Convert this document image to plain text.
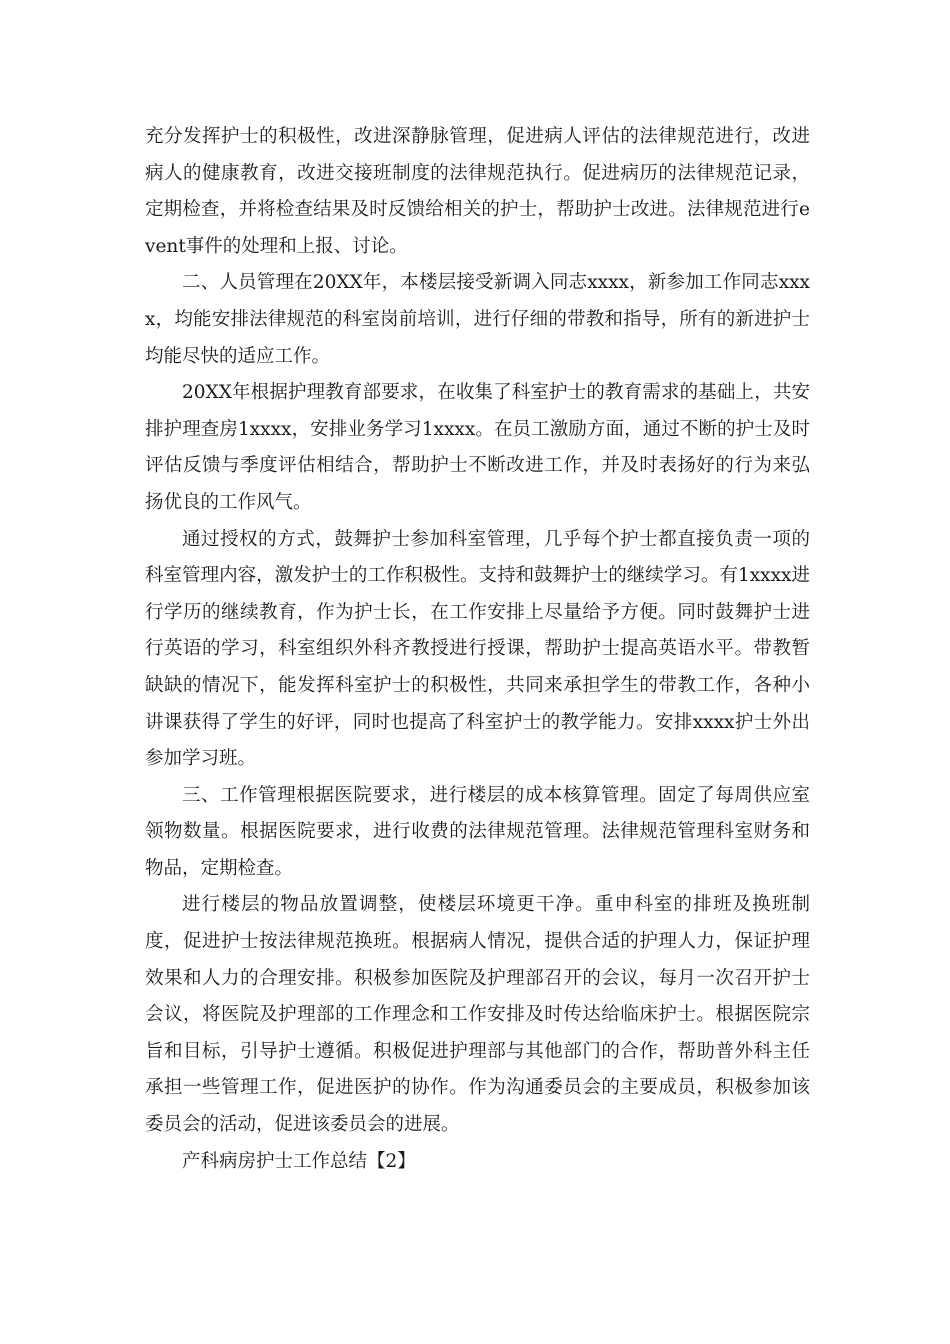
充分发挥护士的积极性，改进深静脉管理，促进病人评估的法律规范进行，改进病人的健康教育，改进交接班制度的法律规范执行。促进病历的法律规范记录，定期检查，并将检查结果及时反馈给相关的护士，帮助护士改进。法律规范进行event事件的处理和上报、讨论。

二、人员管理在20XX年，本楼层接受新调入同志xxxx，新参加工作同志xxxx，均能安排法律规范的科室岗前培训，进行仔细的带教和指导，所有的新进护士均能尽快的适应工作。

20XX年根据护理教育部要求，在收集了科室护士的教育需求的基础上，共安排护理查房1xxxx，安排业务学习1xxxx。在员工激励方面，通过不断的护士及时评估反馈与季度评估相结合，帮助护士不断改进工作，并及时表扬好的行为来弘扬优良的工作风气。

通过授权的方式，鼓舞护士参加科室管理，几乎每个护士都直接负责一项的科室管理内容，激发护士的工作积极性。支持和鼓舞护士的继续学习。有1xxxx进行学历的继续教育，作为护士长，在工作安排上尽量给予方便。同时鼓舞护士进行英语的学习，科室组织外科齐教授进行授课，帮助护士提高英语水平。带教暂缺缺的情况下，能发挥科室护士的积极性，共同来承担学生的带教工作，各种小讲课获得了学生的好评，同时也提高了科室护士的教学能力。安排xxxx护士外出参加学习班。

三、工作管理根据医院要求，进行楼层的成本核算管理。固定了每周供应室领物数量。根据医院要求，进行收费的法律规范管理。法律规范管理科室财务和物品，定期检查。

进行楼层的物品放置调整，使楼层环境更干净。重申科室的排班及换班制度，促进护士按法律规范换班。根据病人情况，提供合适的护理人力，保证护理效果和人力的合理安排。积极参加医院及护理部召开的会议，每月一次召开护士会议，将医院及护理部的工作理念和工作安排及时传达给临床护士。根据医院宗旨和目标，引导护士遵循。积极促进护理部与其他部门的合作，帮助普外科主任承担一些管理工作，促进医护的协作。作为沟通委员会的主要成员，积极参加该委员会的活动，促进该委员会的进展。

产科病房护士工作总结【2】
